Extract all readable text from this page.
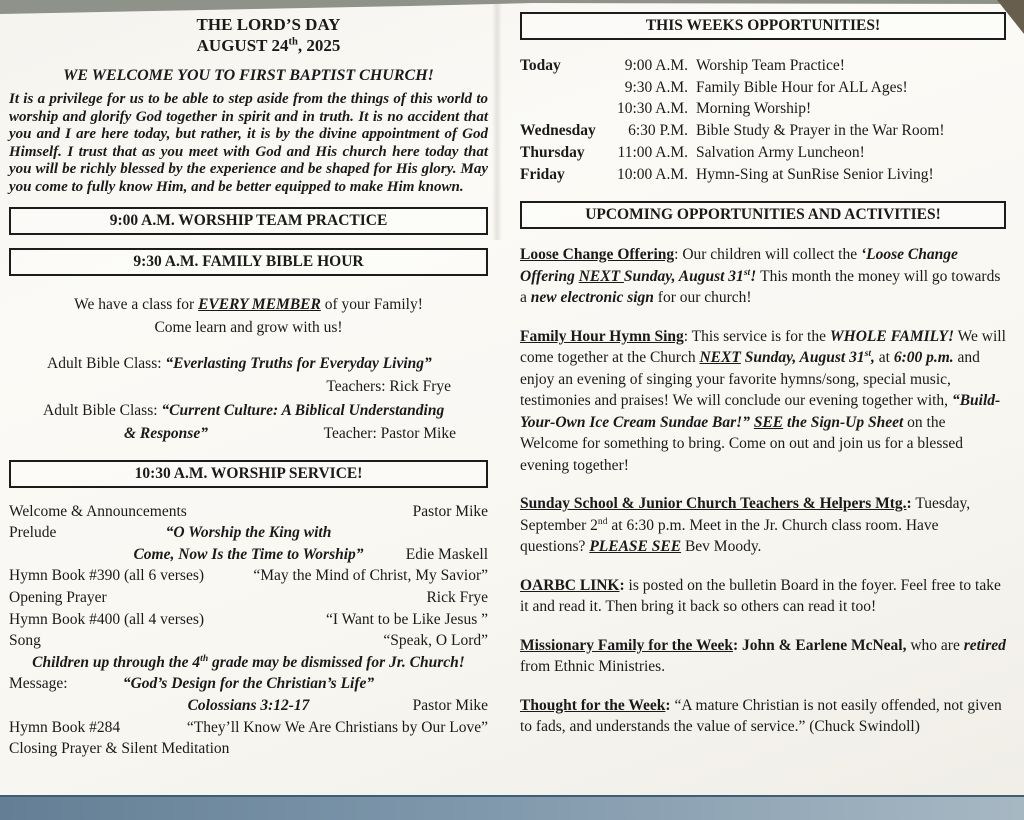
THE LORD’S DAY
AUGUST 24th, 2025
WE WELCOME YOU TO FIRST BAPTIST CHURCH!
It is a privilege for us to be able to step aside from the things of this world to worship and glorify God together in spirit and in truth. It is no accident that you and I are here today, but rather, it is by the divine appointment of God Himself. I trust that as you meet with God and His church here today that you will be richly blessed by the experience and be shaped for His glory. May you come to fully know Him, and be better equipped to make Him known.
9:00 A.M. WORSHIP TEAM PRACTICE
9:30 A.M. FAMILY BIBLE HOUR
We have a class for EVERY MEMBER of your Family!
Come learn and grow with us!
Adult Bible Class: “Everlasting Truths for Everyday Living”
Teachers: Rick Frye
Adult Bible Class: “Current Culture: A Biblical Understanding
& Response”	Teacher: Pastor Mike
10:30 A.M. WORSHIP SERVICE!
Welcome & Announcements	Pastor Mike
Prelude	“O Worship the King with
Come, Now Is the Time to Worship”	Edie Maskell
Hymn Book #390 (all 6 verses)	“May the Mind of Christ, My Savior”
Opening Prayer	Rick Frye
Hymn Book #400 (all 4 verses)	“I Want to be Like Jesus ”
Song	“Speak, O Lord”
Children up through the 4th grade may be dismissed for Jr. Church!
Message:	“God’s Design for the Christian’s Life”
Colossians 3:12-17	Pastor Mike
Hymn Book #284	“They’ll Know We Are Christians by Our Love”
Closing Prayer & Silent Meditation
THIS WEEKS OPPORTUNITIES!
Today	9:00 A.M. Worship Team Practice!
9:30 A.M. Family Bible Hour for ALL Ages!
10:30 A.M. Morning Worship!
Wednesday	6:30 P.M. Bible Study & Prayer in the War Room!
Thursday	11:00 A.M. Salvation Army Luncheon!
Friday	10:00 A.M. Hymn-Sing at SunRise Senior Living!
UPCOMING OPPORTUNITIES AND ACTIVITIES!

Loose Change Offering: Our children will collect the ‘Loose Change Offering NEXT Sunday, August 31st! This month the money will go towards a new electronic sign for our church!

Family Hour Hymn Sing: This service is for the WHOLE FAMILY! We will come together at the Church NEXT Sunday, August 31st, at 6:00 p.m. and enjoy an evening of singing your favorite hymns/song, special music, testimonies and praises! We will conclude our evening together with, “Build-Your-Own Ice Cream Sundae Bar!” SEE the Sign-Up Sheet on the Welcome for something to bring. Come on out and join us for a blessed evening together!

Sunday School & Junior Church Teachers & Helpers Mtg.: Tuesday, September 2nd at 6:30 p.m. Meet in the Jr. Church class room. Have questions? PLEASE SEE Bev Moody.

OARBC LINK: is posted on the bulletin Board in the foyer. Feel free to take it and read it. Then bring it back so others can read it too!

Missionary Family for the Week: John & Earlene McNeal, who are retired from Ethnic Ministries.

Thought for the Week: “A mature Christian is not easily offended, not given to fads, and understands the value of service.” (Chuck Swindoll)
